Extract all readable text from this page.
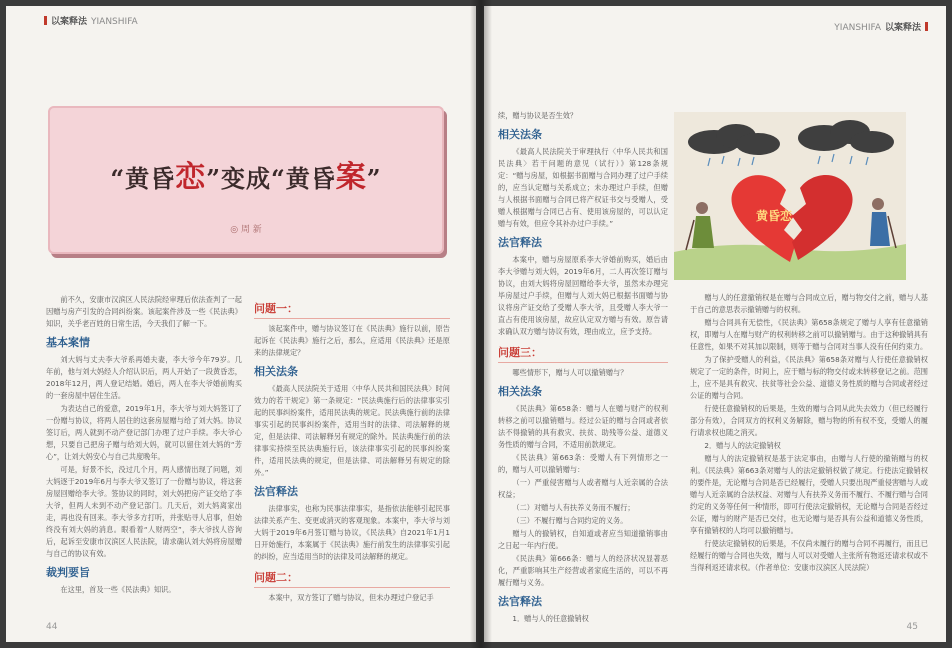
以案释法 YIANSHIFA
“黄昏恋”变成“黄昏案”
◎ 周 新

前不久，安康市汉滨区人民法院经审理后依法查判了一起因赠与房产引发的合同纠纷案。该起案件涉及一些《民法典》知识，关乎老百姓的日常生活，今天我们了解一下。

基本案情

刘大妈与丈夫李大爷系再婚夫妻，李大爷今年79岁。几年前，他与刘大妈经人介绍认识后，两人开始了一段黄昏恋，2018年12月，两人登记结婚。婚后，两人在李大爷婚前购买的一套房屋中居住生活。

为表达自己的爱意，2019年1月，李大爷与刘大妈签订了一份赠与协议，将两人居住的这套房屋赠与给了刘大妈。协议签订后，两人就到不动产登记部门办理了过户手续。李大爷心想，只要自己把房子赠与给刘大妈，就可以留住刘大妈的“芳心”，让刘大妈安心与自己共度晚年。

可是，好景不长，没过几个月，两人感情出现了问题，刘大妈逐于2019年6月与李大爷又签订了一份赠与协议，将这套房屋回赠给李大爷。签协议的同时，刘大妈把房产证交给了李大爷，但两人未到不动产登记部门。几天后，刘大妈离家出走，再也没有回来。李大爷多方打听，并张贴寻人启事，但始终没有刘大妈的消息。眼看着“人财两空”，李大爷找人咨询后，起诉至安康市汉滨区人民法院，请求确认刘大妈将房屋赠与自己的协议有效。

裁判要旨

在这里，首及一些《民法典》知识。

问题一：

该起案件中，赠与协议签订在《民法典》施行以前，原告起诉在《民法典》施行之后，那么，应适用《民法典》还是原来的法律规定？

相关法条

《最高人民法院关于适用〈中华人民共和国民法典〉时间效力的若干规定》第一条规定：“民法典施行后的法律事实引起的民事纠纷案件，适用民法典的规定。民法典施行前的法律事实引起的民事纠纷案件，适用当时的法律、司法解释的规定，但是法律、司法解释另有规定的除外。民法典施行前的法律事实持续至民法典施行后，该法律事实引起的民事纠纷案件，适用民法典的规定，但是法律、司法解释另有规定的除外。”

法官释法

法律事实，也称为民事法律事实，是指依法能够引起民事法律关系产生、变更或消灭的客观现象。本案中，李大爷与刘大妈于2019年6月签订赠与协议，《民法典》自2021年1月1日开始施行，本案属于《民法典》施行前发生的法律事实引起的纠纷，应当适用当时的法律及司法解释的规定。

问题二：

本案中，双方签订了赠与协议，但未办理过户登记手

44
YIANSHIFA 以案释法

续，赠与协议是否生效？

相关法条

《最高人民法院关于审理执行〈中华人民共和国民法典〉若干问题的意见（试行）》第128条规定：“赠与房屋，如根据书面赠与合同办理了过户手续的，应当认定赠与关系成立；未办理过户手续，但赠与人根据书面赠与合同已将产权证书交与受赠人，受赠人根据赠与合同已占有、使用该房屋的，可以认定赠与有效，但应令其补办过户手续。”

法官释法

本案中，赠与房屋原系李大爷婚前购买，婚后由李大爷赠与刘大妈，2019年6月，二人再次签订赠与协议，由刘大妈将房屋回赠给李大爷，虽然未办理完毕房屋过户手续，但赠与人刘大妈已根据书面赠与协议将房产证交给了受赠人李大爷，且受赠人李大爷一直占有使用该房屋，故应认定双方赠与有效。原告请求确认双方赠与协议有效，理由成立，应予支持。

问题三：

哪些情形下，赠与人可以撤销赠与？

相关法条

《民法典》第658条：赠与人在赠与财产的权利转移之前可以撤销赠与。经过公证的赠与合同或者依法不得撤销的具有救灾、扶贫、助残等公益、道德义务性质的赠与合同，不适用前款规定。

《民法典》第663条：受赠人有下列情形之一的，赠与人可以撤销赠与：

（一）严重侵害赠与人或者赠与人近亲属的合法权益；

（二）对赠与人有扶养义务而不履行；

（三）不履行赠与合同约定的义务。

赠与人的撤销权，自知道或者应当知道撤销事由之日起一年内行使。

《民法典》第666条：赠与人的经济状况显著恶化，严重影响其生产经营或者家庭生活的，可以不再履行赠与义务。

法官释法

1．赠与人的任意撤销权

黄昏恋

赠与人的任意撤销权是在赠与合同成立后，赠与物交付之前，赠与人基于自己的意思表示撤销赠与的权利。

赠与合同具有无偿性，《民法典》第658条规定了赠与人享有任意撤销权，即赠与人在赠与财产的权利转移之前可以撤销赠与。由于这种撤销具有任意性，如果不对其加以限制，则等于赠与合同对当事人没有任何约束力。

为了保护受赠人的利益，《民法典》第658条对赠与人行使任意撤销权规定了一定的条件，时间上，应于赠与标的物交付或未转移登记之前。范围上，应不是具有救灾、扶贫等社会公益、道德义务性质的赠与合同或者经过公证的赠与合同。

行使任意撤销权的后果是，生效的赠与合同从此失去效力（但已经履行部分有效），合同双方的权利义务解除，赠与物的所有权不变，受赠人的履行请求权也随之消灭。

2．赠与人的法定撤销权

赠与人的法定撤销权是基于法定事由，由赠与人行使的撤销赠与的权利。《民法典》第663条对赠与人的法定撤销权做了规定。行使法定撤销权的要件是，无论赠与合同是否已经履行，受赠人只要出现严重侵害赠与人或赠与人近亲属的合法权益、对赠与人有扶养义务而不履行、不履行赠与合同约定的义务等任何一种情形，即可行使法定撤销权，无论赠与合同是否经过公证，赠与的财产是否已交付，也无论赠与是否具有公益和道德义务性质，享有撤销权的人均可以撤销赠与。

行使法定撤销权的后果是，不仅尚未履行的赠与合同不再履行，而且已经履行的赠与合同也失效，赠与人可以对受赠人主张所有物返还请求权或不当得利返还请求权。（作者单位：安康市汉滨区人民法院）

45
